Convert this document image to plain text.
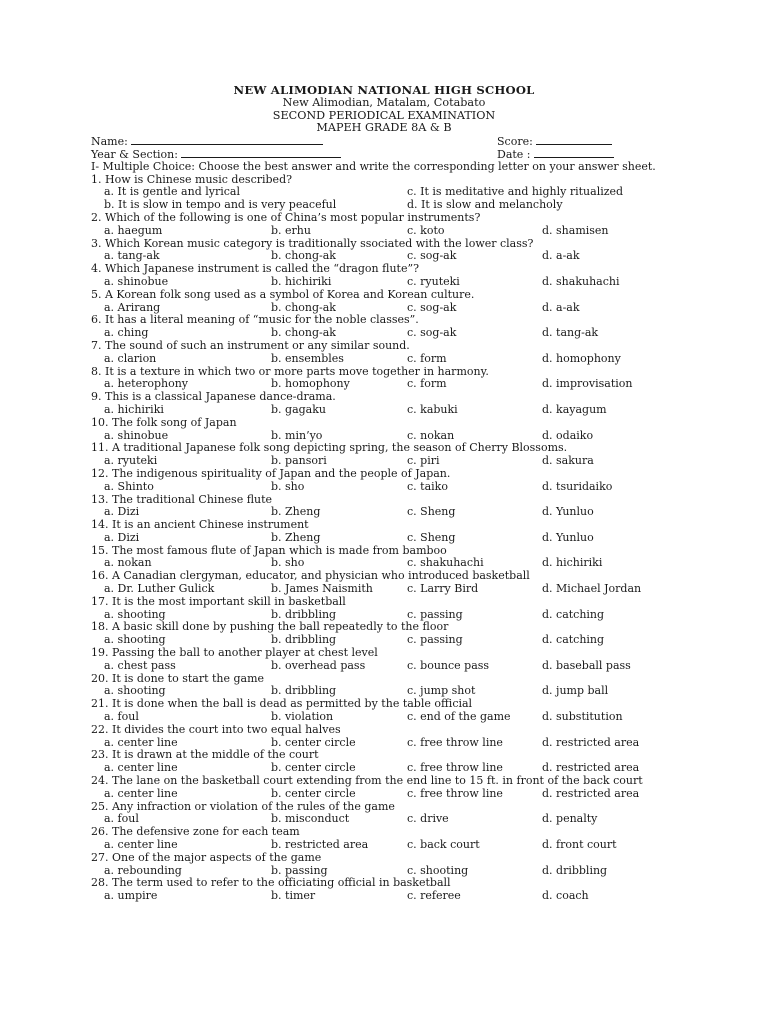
NEW ALIMODIAN NATIONAL HIGH SCHOOL
New Alimodian, Matalam, Cotabato
SECOND PERIODICAL EXAMINATION
MAPEH GRADE 8A & B
Name:	Score:
Year & Section:	Date :
I- Multiple Choice: Choose the best answer and write the corresponding letter on your answer sheet.
1. How is Chinese music described?
a. It is gentle and lyrical	c. It is meditative and highly ritualized
b. It is slow in tempo and is very peaceful	d. It is slow and melancholy
2. Which of the following is one of China’s most popular instruments?
a. haegum	b. erhu	c. koto	d. shamisen
3. Which Korean music category is traditionally ssociated with the lower class?
a. tang-ak	b. chong-ak	c. sog-ak	d. a-ak
4. Which Japanese instrument is called the “dragon flute”?
a. shinobue	b. hichiriki	c. ryuteki	d. shakuhachi
5. A Korean folk song used as a symbol of Korea and Korean culture.
a. Arirang	b. chong-ak	c. sog-ak	d. a-ak
6. It has a literal meaning of “music for the noble classes”.
a. ching	b. chong-ak	c. sog-ak	d. tang-ak
7. The sound of such an instrument or any similar sound.
a. clarion	b. ensembles	c. form	d. homophony
8. It is a texture in which two or more parts move together in harmony.
a. heterophony	b. homophony	c. form	d. improvisation
9. This is a classical Japanese dance-drama.
a. hichiriki	b. gagaku	c. kabuki	d. kayagum
10. The folk song of Japan
a. shinobue	b. min’yo	c. nokan	d. odaiko
11. A traditional Japanese folk song depicting spring, the season of Cherry Blossoms.
a. ryuteki	b. pansori	c. piri	d. sakura
12. The indigenous spirituality of Japan and the people of Japan.
a. Shinto	b. sho	c. taiko	d. tsuridaiko
13. The traditional Chinese flute
a. Dizi	b. Zheng	c. Sheng	d. Yunluo
14. It is an ancient Chinese instrument
a. Dizi	b. Zheng	c. Sheng	d. Yunluo
15. The most famous flute of Japan which is made from bamboo
a. nokan	b. sho	c. shakuhachi	d. hichiriki
16. A Canadian clergyman, educator, and physician who introduced basketball
a. Dr. Luther Gulick	b. James Naismith	c. Larry Bird	d. Michael Jordan
17. It is the most important skill in basketball
a. shooting	b. dribbling	c. passing	d. catching
18. A basic skill done by pushing the ball repeatedly to the floor
a. shooting	b. dribbling	c. passing	d. catching
19. Passing the ball to another player at chest level
a. chest pass	b. overhead pass	c. bounce pass	d. baseball pass
20. It is done to start the game
a. shooting	b. dribbling	c. jump shot	d. jump ball
21. It is done when the ball is dead as permitted by the table official
a. foul	b. violation	c. end of the game	d. substitution
22. It divides the court into two equal halves
a. center line	b. center circle	c. free throw line	d. restricted area
23. It is drawn at the middle of the court
a. center line	b. center circle	c. free throw line	d. restricted area
24. The lane on the basketball court extending from the end line to 15 ft. in front of the back court
a. center line	b. center circle	c. free throw line	d. restricted area
25. Any infraction or violation of the rules of the game
a. foul	b. misconduct	c. drive	d. penalty
26. The defensive zone for each team
a. center line	b. restricted area	c. back court	d. front court
27. One of the major aspects of the game
a. rebounding	b. passing	c. shooting	d. dribbling
28. The term used to refer to the officiating official in basketball
a. umpire	b. timer	c. referee	d. coach
